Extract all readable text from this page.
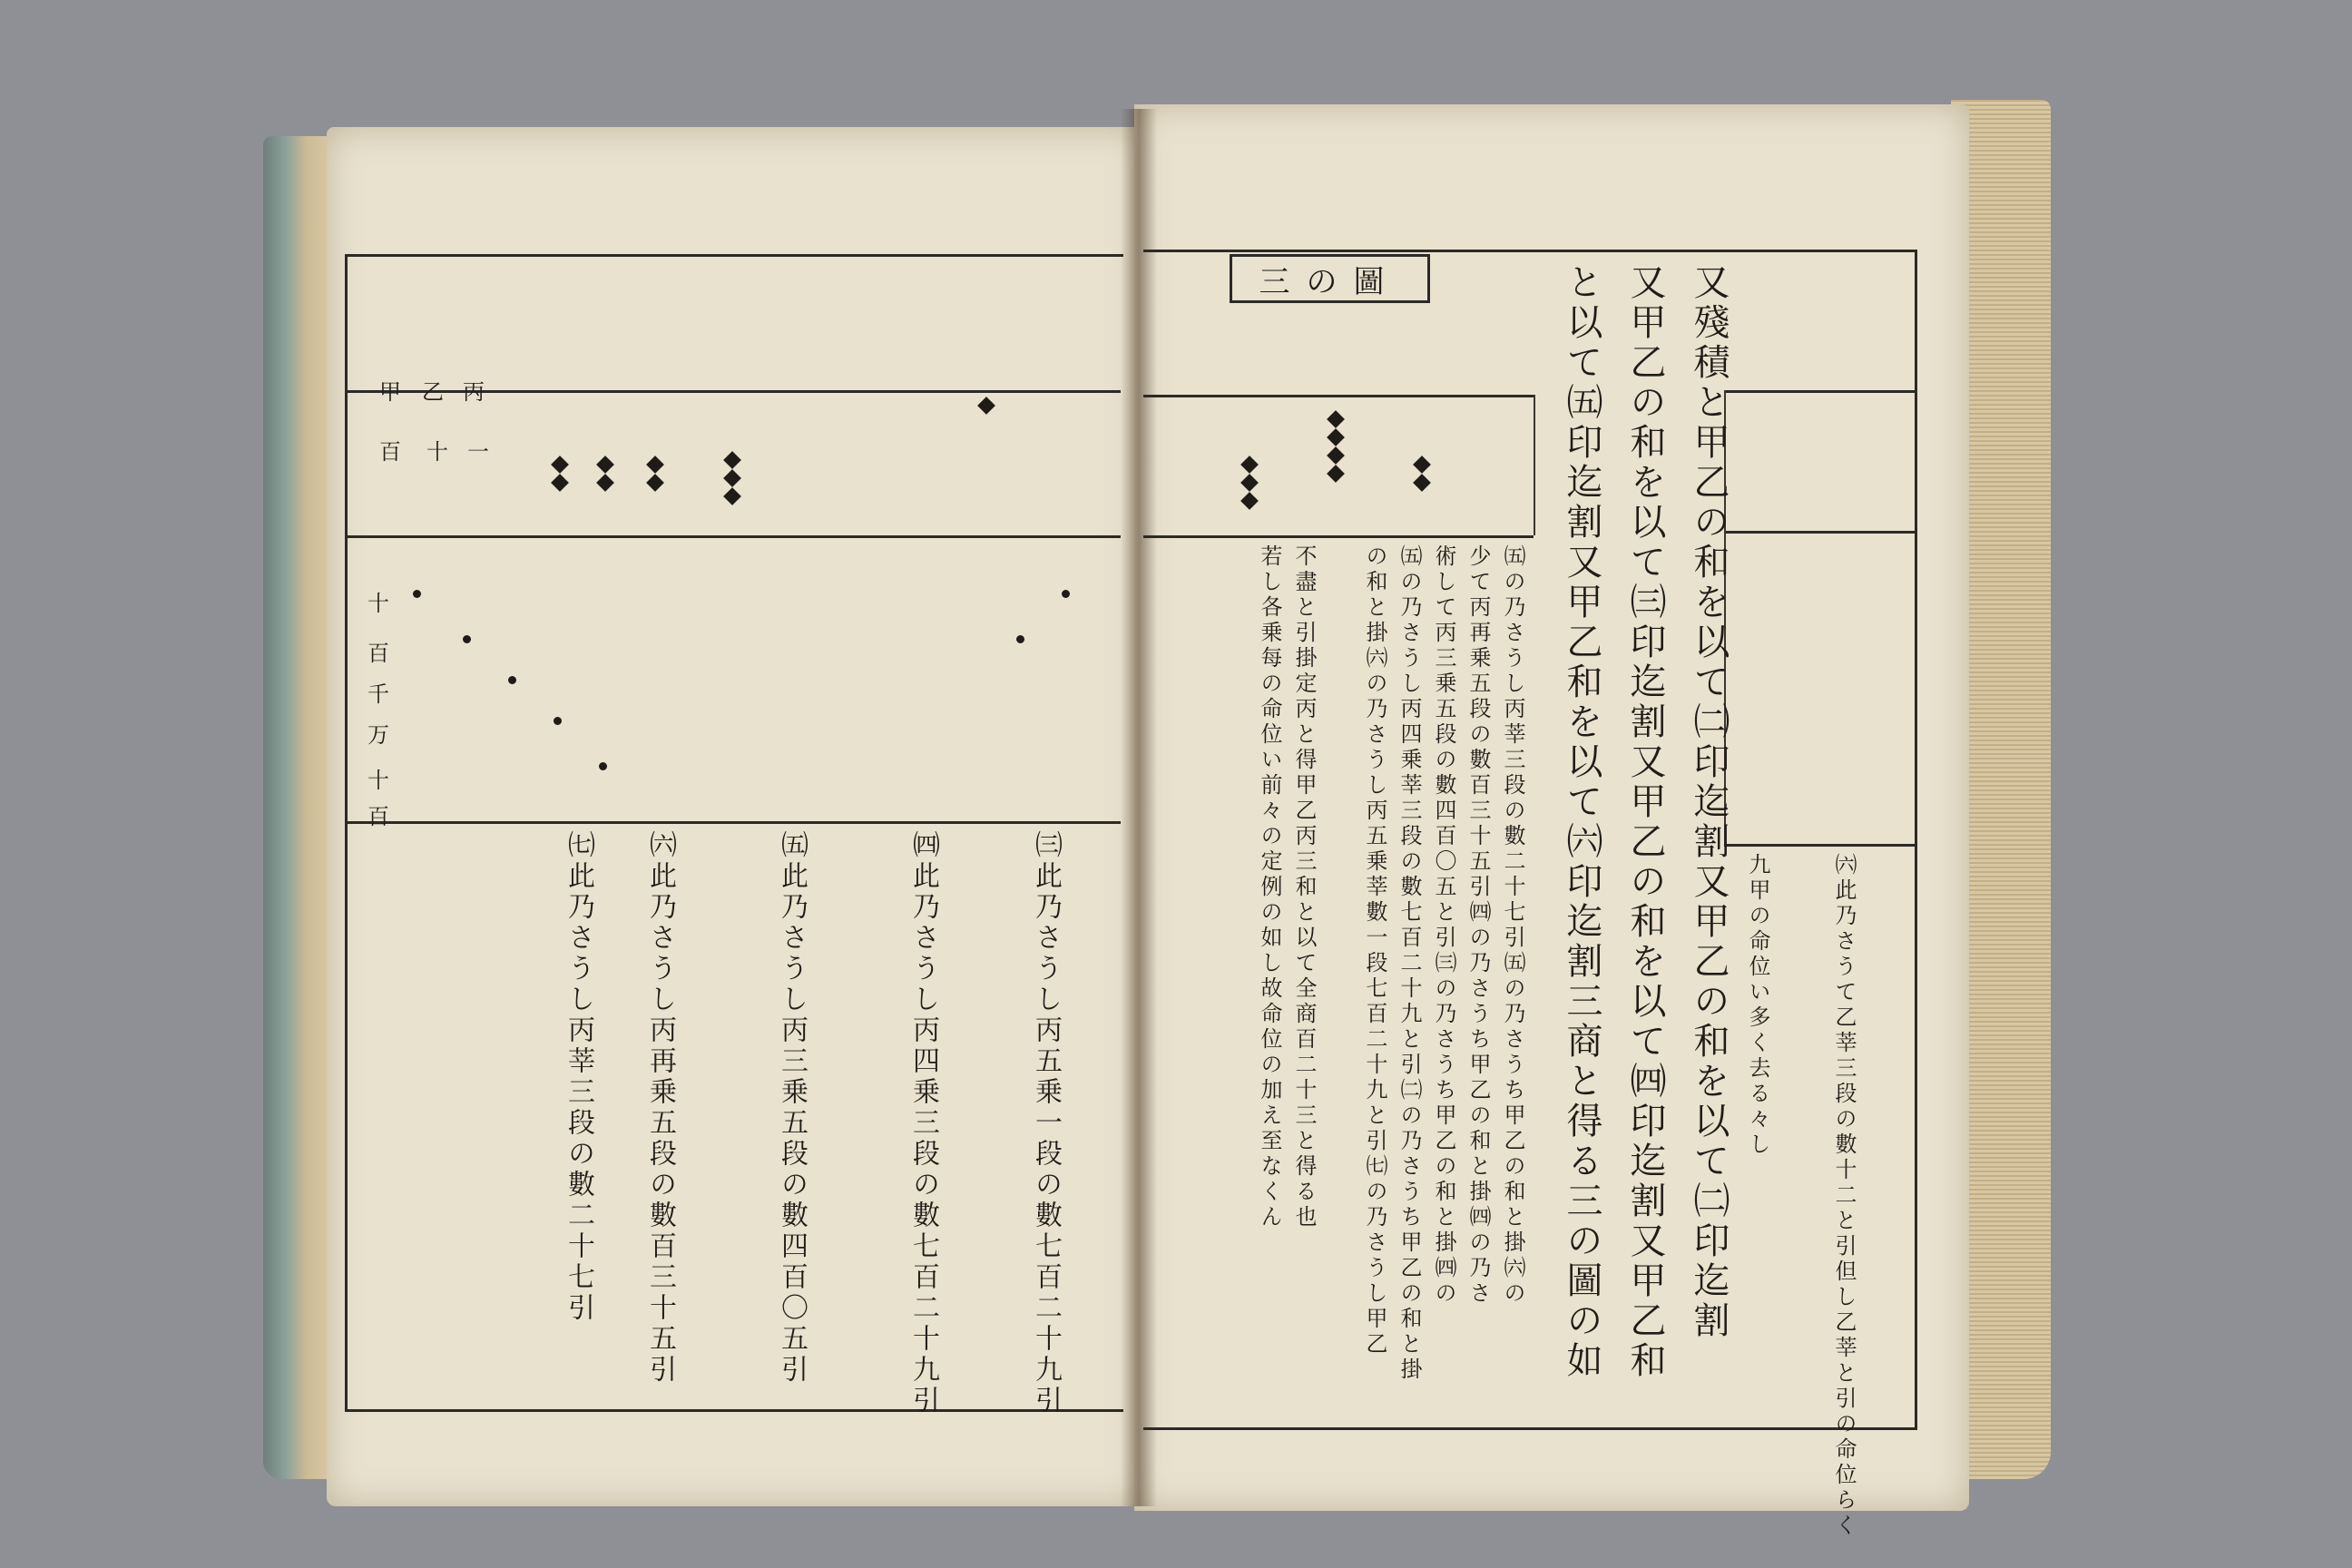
三の圖	又殘積と甲乙の和を以て㈡印迄割又甲乙の和を以て㈡印迄割
又甲乙の和を以て㈢印迄割又甲乙の和を以て㈣印迄割又甲乙和
と以て㈤印迄割又甲乙和を以て㈥印迄割三商と得る三の圖の如
㈤の乃さうし丙莘三段の數二十七引㈤の乃さうち甲乙の和と掛㈥の
少て丙再乗五段の數百三十五引㈣の乃さうち甲乙の和と掛㈣の乃さ
術して丙三乗五段の數四百〇五と引㈢の乃さうち甲乙の和と掛㈣の
㈤の乃さうし丙四乗莘三段の數七百二十九と引㈡の乃さうち甲乙の和と掛
の和と掛㈥の乃さうし丙五乗莘數一段七百二十九と引㈦の乃さうし甲乙
不盡と引掛定丙と得甲乙丙三和と以て全商百二十三と得る也
若し各乗每の命位い前々の定例の如し故命位の加え至なくん	九甲の命位い多く去る々し	㈥此乃さうて乙莘三段の數十二と引但し乙莘と引の命位らく
㈢此乃さうし丙五乗一段の數七百二十九引
㈣此乃さうし丙四乗三段の數七百二十九引
㈤此乃さうし丙三乗五段の數四百〇五引
㈥此乃さうし丙再乗五段の數百三十五引
㈦此乃さうし丙莘三段の數二十七引
甲 乙 丙
百 十 一
十
百
千
万
十
百
